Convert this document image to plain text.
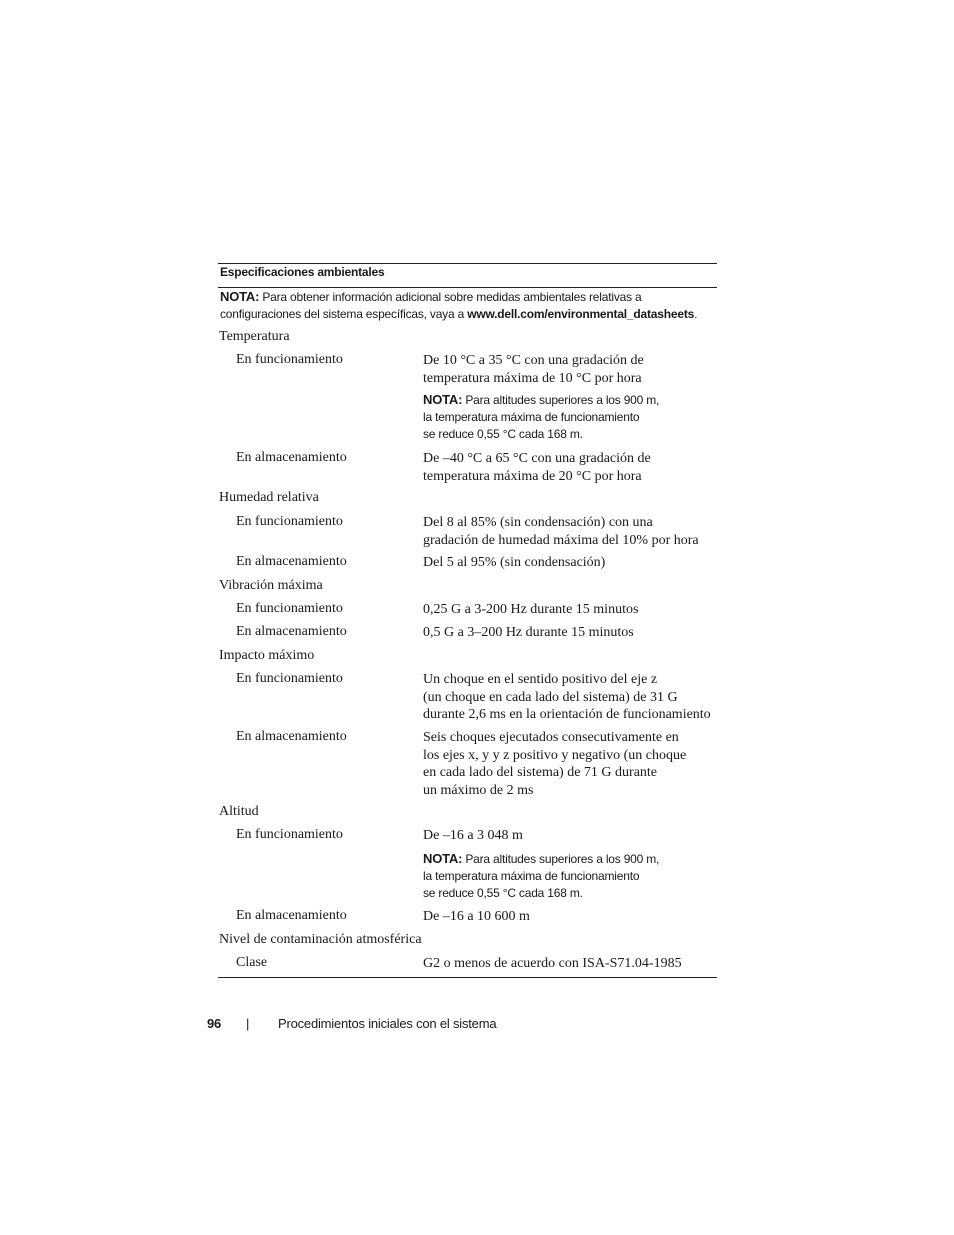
Especificaciones ambientales
NOTA: Para obtener información adicional sobre medidas ambientales relativas a
configuraciones del sistema específicas, vaya a www.dell.com/environmental_datasheets.
Temperatura
En funcionamiento	De 10 °C a 35 °C con una gradación de
temperatura máxima de 10 °C por hora
NOTA: Para altitudes superiores a los 900 m,
la temperatura máxima de funcionamiento
se reduce 0,55 °C cada 168 m.
En almacenamiento	De –40 °C a 65 °C con una gradación de
temperatura máxima de 20 °C por hora
Humedad relativa
En funcionamiento	Del 8 al 85% (sin condensación) con una
gradación de humedad máxima del 10% por hora
En almacenamiento	Del 5 al 95% (sin condensación)
Vibración máxima
En funcionamiento	0,25 G a 3-200 Hz durante 15 minutos
En almacenamiento	0,5 G a 3–200 Hz durante 15 minutos
Impacto máximo
En funcionamiento	Un choque en el sentido positivo del eje z
(un choque en cada lado del sistema) de 31 G
durante 2,6 ms en la orientación de funcionamiento
En almacenamiento	Seis choques ejecutados consecutivamente en
los ejes x, y y z positivo y negativo (un choque
en cada lado del sistema) de 71 G durante
un máximo de 2 ms
Altitud
En funcionamiento	De –16 a 3 048 m
NOTA: Para altitudes superiores a los 900 m,
la temperatura máxima de funcionamiento
se reduce 0,55 °C cada 168 m.
En almacenamiento	De –16 a 10 600 m
Nivel de contaminación atmosférica
Clase	G2 o menos de acuerdo con ISA-S71.04-1985
96 | Procedimientos iniciales con el sistema
